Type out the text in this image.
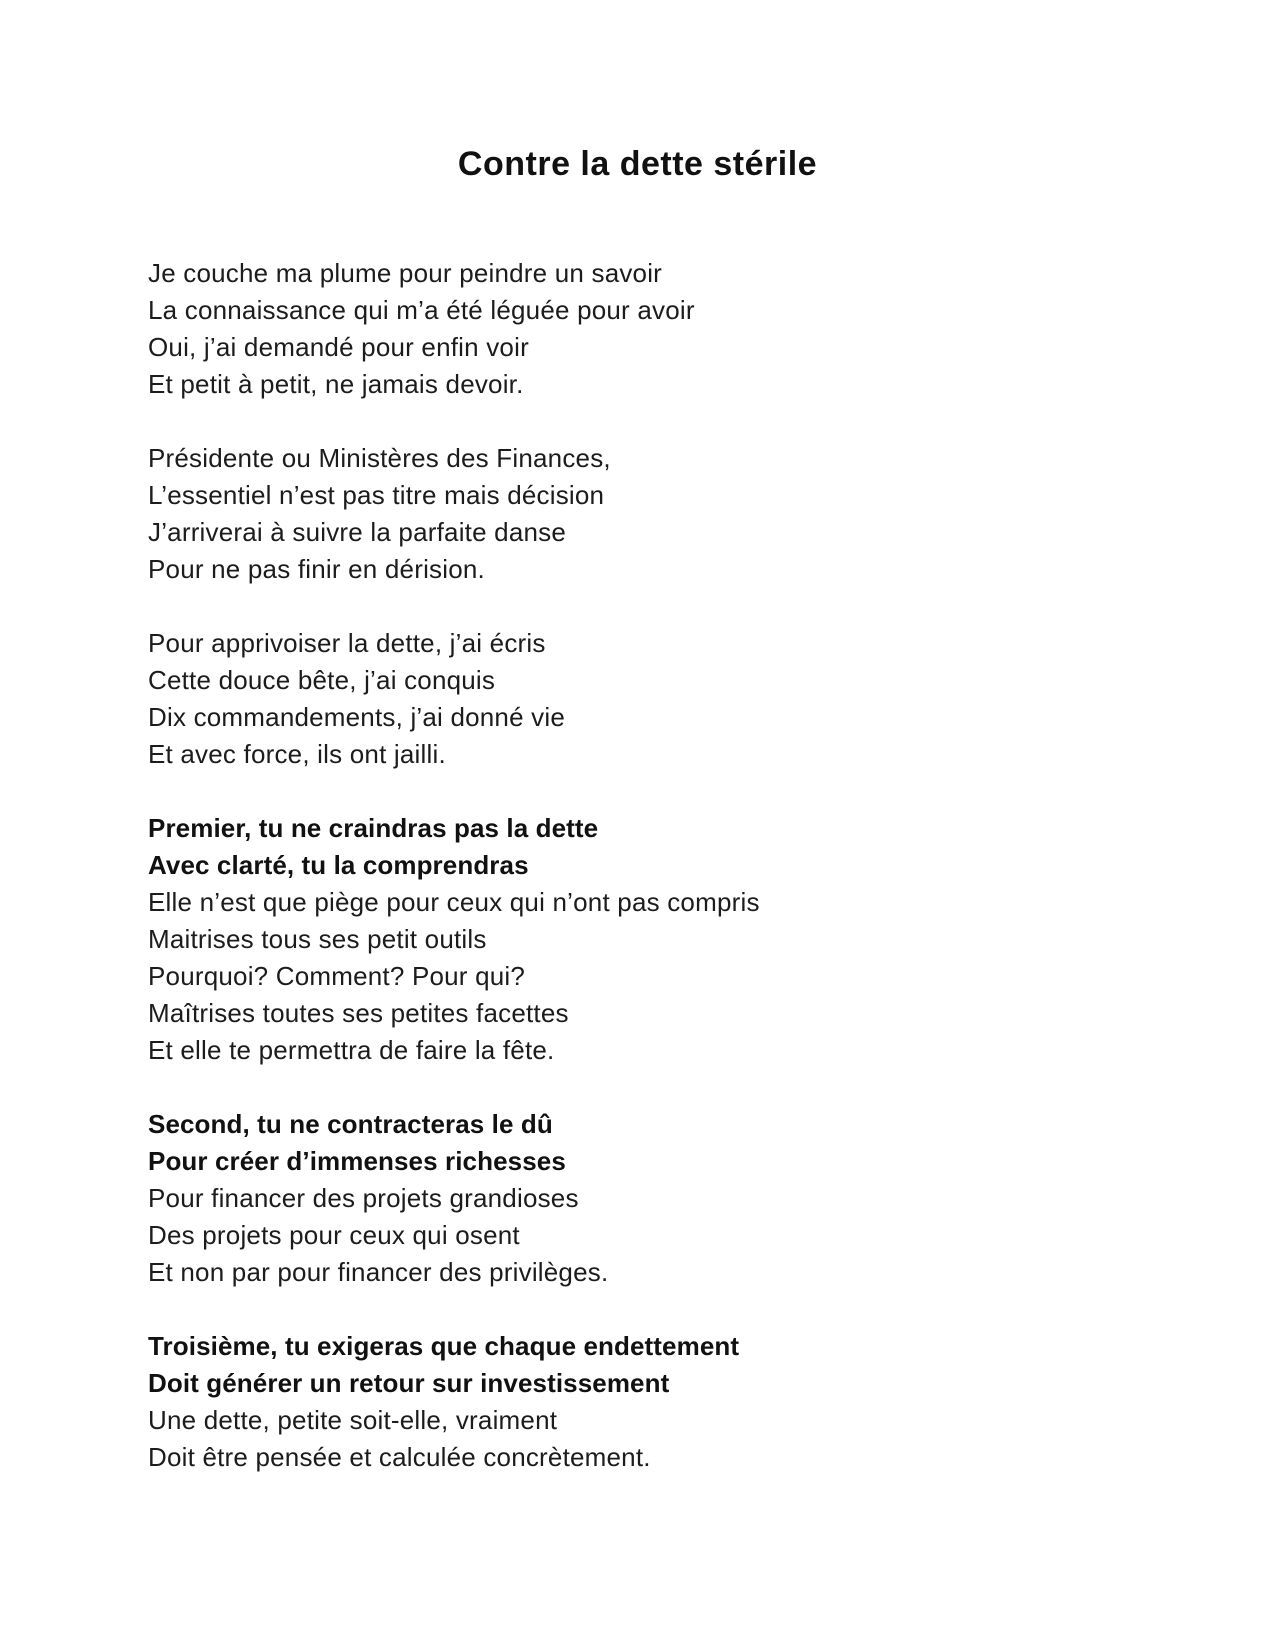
Contre la dette stérile

Je couche ma plume pour peindre un savoir

La connaissance qui m’a été léguée pour avoir

Oui, j’ai demandé pour enfin voir

Et petit à petit, ne jamais devoir.

Présidente ou Ministères des Finances,

L’essentiel n’est pas titre mais décision

J’arriverai à suivre la parfaite danse

Pour ne pas finir en dérision.

Pour apprivoiser la dette, j’ai écris

Cette douce bête, j’ai conquis

Dix commandements, j’ai donné vie

Et avec force, ils ont jailli.

Premier, tu ne craindras pas la dette

Avec clarté, tu la comprendras

Elle n’est que piège pour ceux qui n’ont pas compris

Maitrises tous ses petit outils

Pourquoi? Comment? Pour qui?

Maîtrises toutes ses petites facettes

Et elle te permettra de faire la fête.

Second, tu ne contracteras le dû

Pour créer d’immenses richesses

Pour financer des projets grandioses

Des projets pour ceux qui osent

Et non par pour financer des privilèges.

Troisième, tu exigeras que chaque endettement

Doit générer un retour sur investissement

Une dette, petite soit-elle, vraiment

Doit être pensée et calculée concrètement.
